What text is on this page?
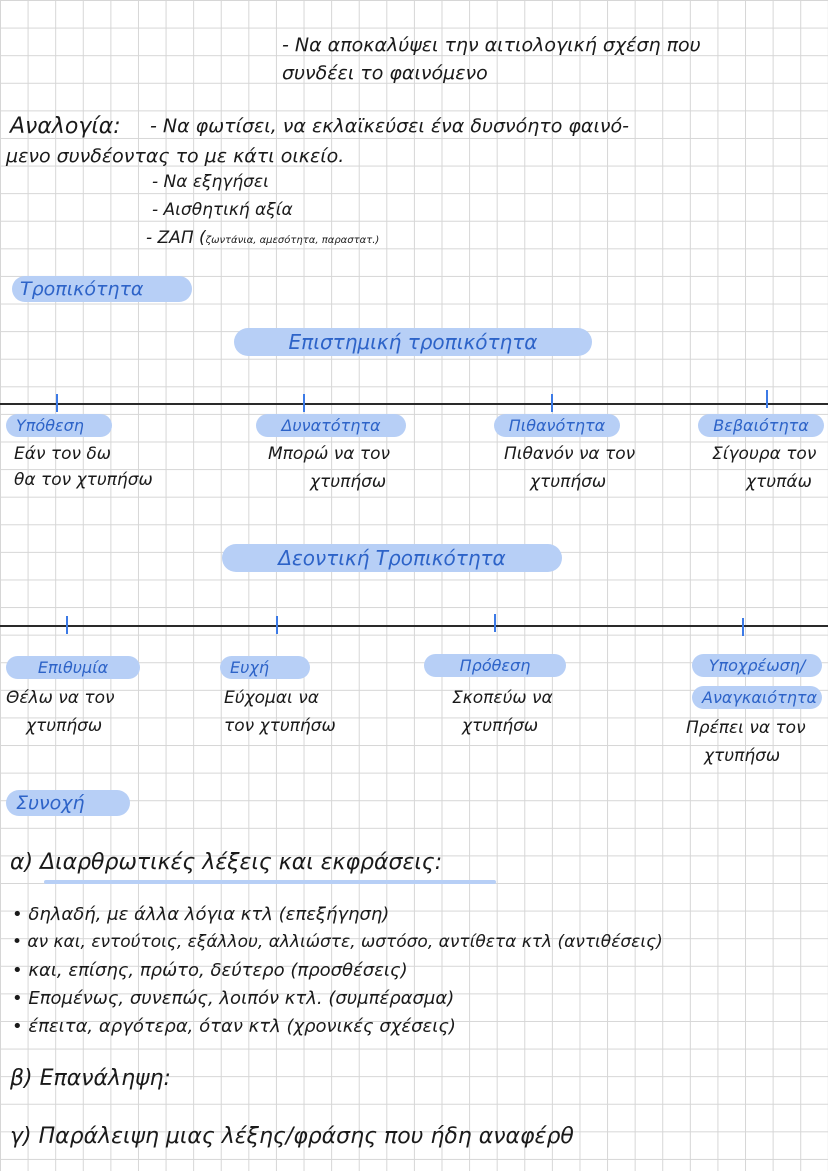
- Να αποκαλύψει την αιτιολογική σχέση που
συνδέει το φαινόμενο
Αναλογία: - Να φωτίσει, να εκλαϊκεύσει ένα δυσνόητο φαινό-
μενο συνδέοντας το με κάτι οικείο.
- Να εξηγήσει
- Αισθητική αξία
- ΖΑΠ (ζωντάνια, αμεσότητα, παραστατ.)
Τροπικότητα
Επιστημική τροπικότητα
Υπόθεση
Εάν τον δω
θα τον χτυπήσω
Δυνατότητα
Μπορώ να τον
χτυπήσω
Πιθανότητα
Πιθανόν να τον
χτυπήσω
Βεβαιότητα
Σίγουρα τον
χτυπάω
Δεοντική Τροπικότητα
Επιθυμία
Θέλω να τον
χτυπήσω
Ευχή
Εύχομαι να
τον χτυπήσω
Πρόθεση
Σκοπεύω να
χτυπήσω
Υποχρέωση/
Αναγκαιότητα
Πρέπει να τον
χτυπήσω
Συνοχή
α) Διαρθρωτικές λέξεις και εκφράσεις:
• δηλαδή, με άλλα λόγια κτλ (επεξήγηση)
• αν και, εντούτοις, εξάλλου, αλλιώστε, ωστόσο, αντίθετα κτλ (αντιθέσεις)
• και, επίσης, πρώτο, δεύτερο (προσθέσεις)
• Επομένως, συνεπώς, λοιπόν κτλ. (συμπέρασμα)
• έπειτα, αργότερα, όταν κτλ (χρονικές σχέσεις)
β) Επανάληψη:
γ) Παράλειψη μιας λέξης/φράσης που ήδη αναφέρθ
